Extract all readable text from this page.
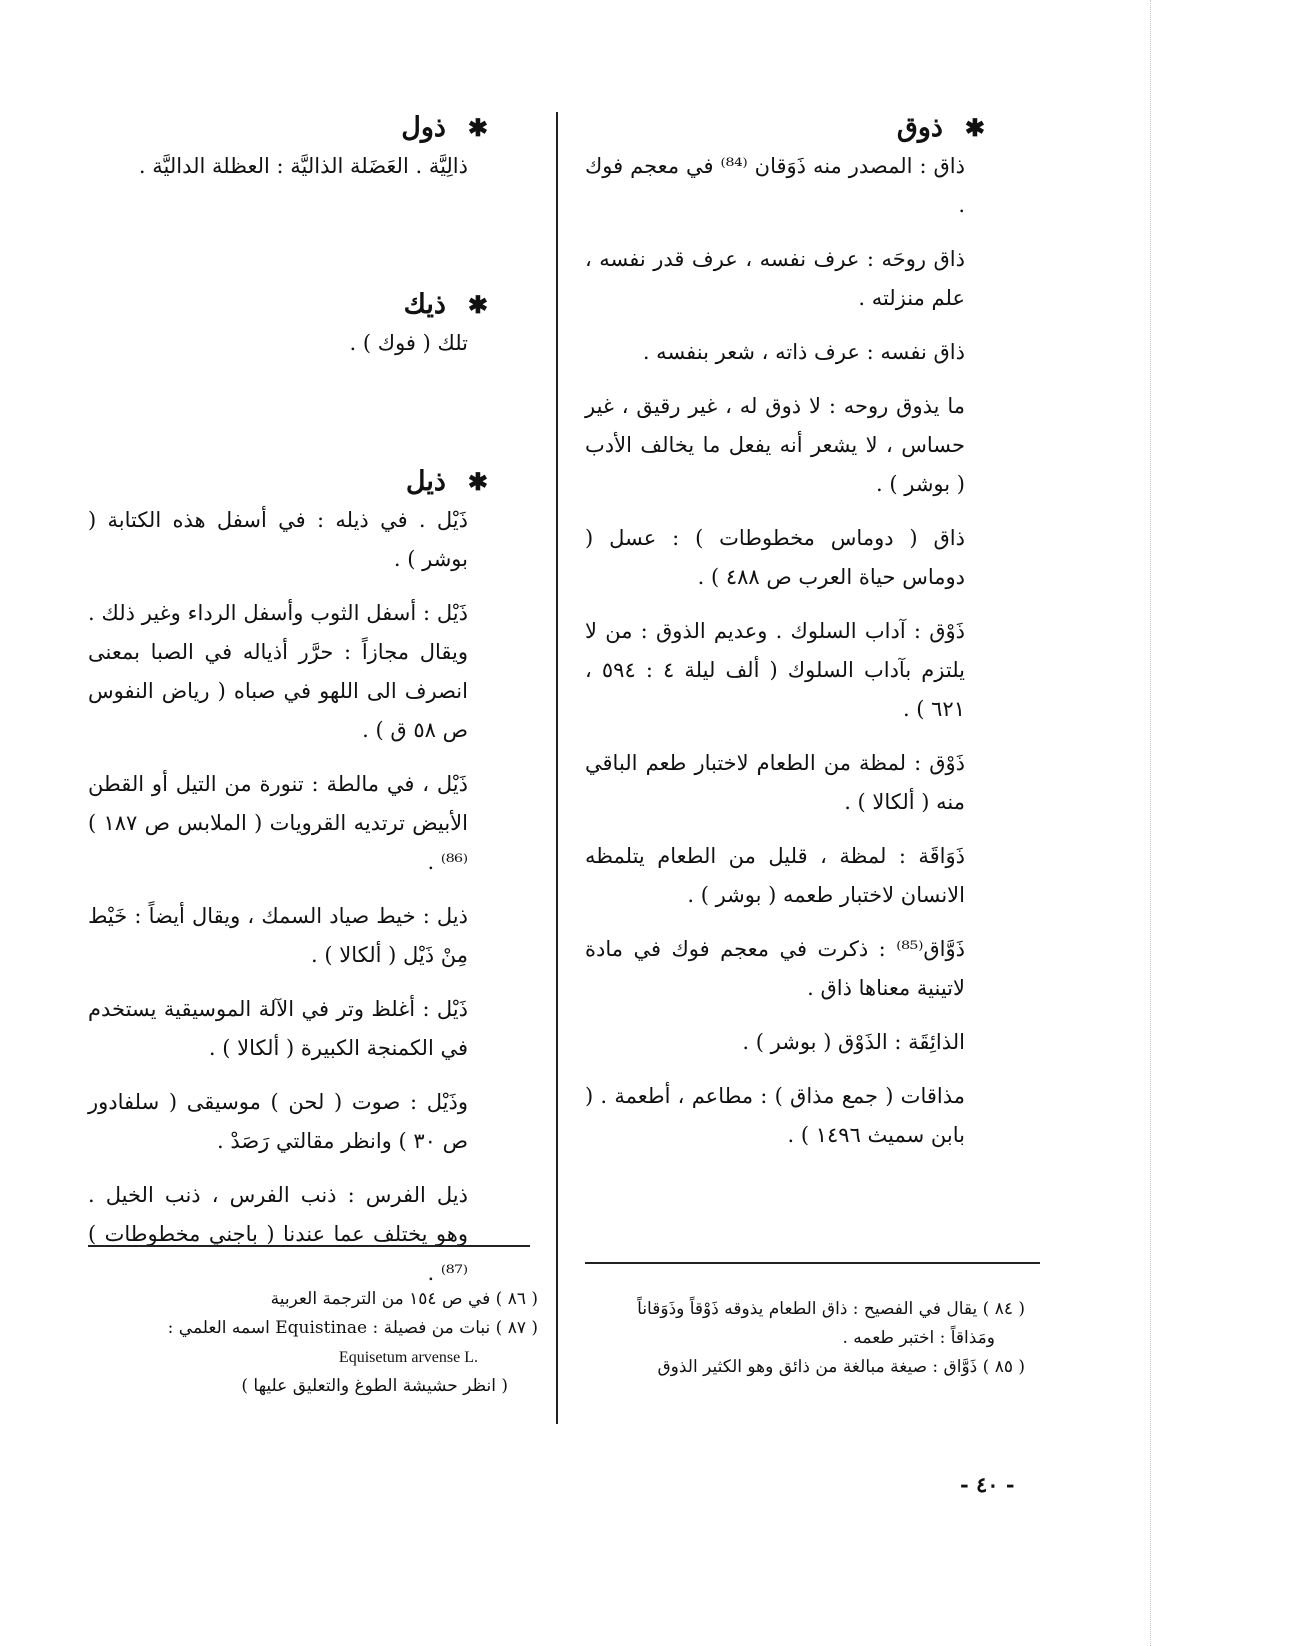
✱
ذوق

ذاق : المصدر منه ذَوَقان ⁽⁸⁴⁾ في معجم فوك .

ذاق روحَه : عرف نفسه ، عرف قدر نفسه ، علم منزلته .

ذاق نفسه : عرف ذاته ، شعر بنفسه .

ما يذوق روحه : لا ذوق له ، غير رقيق ، غير حساس ، لا يشعر أنه يفعل ما يخالف الأدب ( بوشر ) .

ذاق ( دوماس مخطوطات ) : عسل ( دوماس حياة العرب ص ٤٨٨ ) .

ذَوْق : آداب السلوك . وعديم الذوق : من لا يلتزم بآداب السلوك ( ألف ليلة ٤ : ٥٩٤ ، ٦٢١ ) .

ذَوْق : لمظة من الطعام لاختبار طعم الباقي منه ( ألكالا ) .

ذَوَاقَة : لمظة ، قليل من الطعام يتلمظه الانسان لاختبار طعمه ( بوشر ) .

ذَوَّاق⁽⁸⁵⁾ : ذكرت في معجم فوك في مادة لاتينية معناها ذاق .

الذائِقَة : الذَوْق ( بوشر ) .

مذاقات ( جمع مذاق ) : مطاعم ، أطعمة . ( بابن سميث ١٤٩٦ ) .

✱
ذول

ذالِيَّة . العَضَلة الذاليَّة : العظلة الداليَّة .

✱
ذيك

تلك ( فوك ) .

✱
ذيل

ذَيْل . في ذيله : في أسفل هذه الكتابة ( بوشر ) .

ذَيْل : أسفل الثوب وأسفل الرداء وغير ذلك . ويقال مجازاً : حرَّر أذياله في الصبا بمعنى انصرف الى اللهو في صباه ( رياض النفوس ص ٥٨ ق ) .

ذَيْل ، في مالطة : تنورة من التيل أو القطن الأبيض ترتديه القرويات ( الملابس ص ١٨٧ ) ⁽⁸⁶⁾ .

ذيل : خيط صياد السمك ، ويقال أيضاً : خَيْط مِنْ ذَيْل ( ألكالا ) .

ذَيْل : أغلظ وتر في الآلة الموسيقية يستخدم في الكمنجة الكبيرة ( ألكالا ) .

وذَيْل : صوت ( لحن ) موسيقى ( سلفادور ص ٣٠ ) وانظر مقالتي رَصَدْ .

ذيل الفرس : ذنب الفرس ، ذنب الخيل . وهو يختلف عما عندنا ( باجني مخطوطات ) ⁽⁸⁷⁾ .

( ٨٤ ) يقال في الفصيح : ذاق الطعام يذوقه ذَوْقاً وذَوَقاناً

ومَذاقاً : اختبر طعمه .

( ٨٥ ) ذَوَّاق : صيغة مبالغة من ذائق وهو الكثير الذوق

( ٨٦ ) في ص ١٥٤ من الترجمة العربية

( ٨٧ ) نبات من فصيلة : Equistinae اسمه العلمي :

Equisetum arvense L.

( انظر حشيشة الطوغ والتعليق عليها )

- ٤٠ -
